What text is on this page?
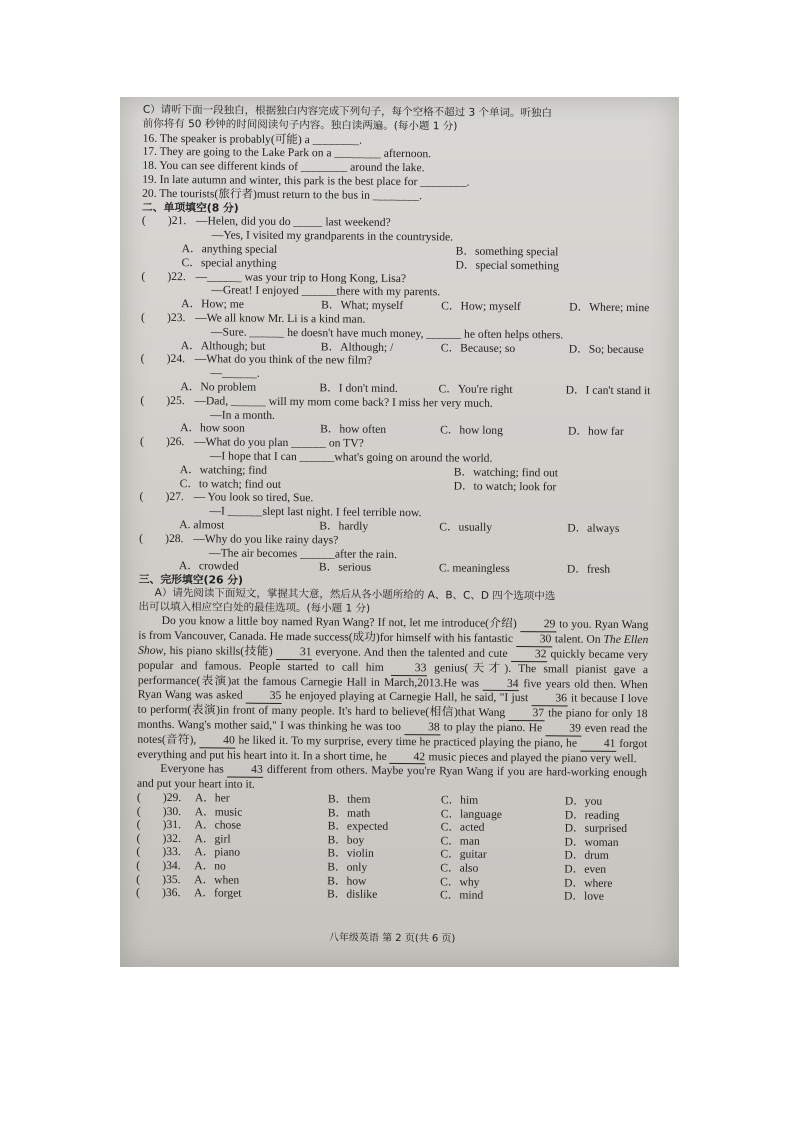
C）请听下面一段独白，根据独白内容完成下列句子，每个空格不超过 3 个单词。听独白
前你将有 50 秒钟的时间阅读句子内容。独白读两遍。(每小题 1 分)
16. The speaker is probably(可能) a ________.
17. They are going to the Lake Park on a ________ afternoon.
18. You can see different kinds of ________ around the lake.
19. In late autumn and winter, this park is the best place for ________.
20. The tourists(旅行者)must return to the bus in ________.
二、单项填空(8 分)
(	)21. —Helen, did you do _____ last weekend?
—Yes, I visited my grandparents in the countryside.
A．anything special	B．something special
C．special anything	D．special something
(	)22. —______ was your trip to Hong Kong, Lisa?
—Great! I enjoyed ______there with my parents.
A．How; me	B．What; myself	C．How; myself	D．Where; mine
(	)23. —We all know Mr. Li is a kind man.
—Sure. ______ he doesn't have much money, ______ he often helps others.
A．Although; but	B．Although; /	C．Because; so	D．So; because
(	)24. —What do you think of the new film?
—______.
A．No problem	B．I don't mind.	C．You're right	D．I can't stand it
(	)25. —Dad, ______ will my mom come back? I miss her very much.
—In a month.
A．how soon	B．how often	C．how long	D．how far
(	)26. —What do you plan ______ on TV?
—I hope that I can ______what's going on around the world.
A．watching; find	B．watching; find out
C．to watch; find out	D．to watch; look for
(	)27. — You look so tired, Sue.
—I ______slept last night. I feel terrible now.
A. almost	B．hardly	C．usually	D．always
(	)28. —Why do you like rainy days?
—The air becomes ______after the rain.
A．crowded	B．serious	C. meaningless	D．fresh
三、完形填空(26 分)
A）请先阅读下面短文，掌握其大意，然后从各小题所给的 A、B、C、D 四个选项中选
出可以填入相应空白处的最佳选项。(每小题 1 分)
Do you know a little boy named Ryan Wang? If not, let me introduce(介绍) 29 to you. Ryan Wang is from Vancouver, Canada. He made success(成功)for himself with his fantastic 30 talent. On The Ellen Show, his piano skills(技能) 31 everyone. And then the talented and cute 32 quickly became very popular and famous. People started to call him 33 genius(天才). The small pianist gave a performance(表演)at the famous Carnegie Hall in March,2013.He was 34 five years old then. When Ryan Wang was asked 35 he enjoyed playing at Carnegie Hall, he said, "I just 36 it because I love to perform(表演)in front of many people. It's hard to believe(相信)that Wang 37 the piano for only 18 months. Wang's mother said," I was thinking he was too 38 to play the piano. He 39 even read the notes(音符), 40 he liked it. To my surprise, every time he practiced playing the piano, he 41 forgot everything and put his heart into it. In a short time, he 42 music pieces and played the piano very well.
Everyone has 43 different from others. Maybe you're Ryan Wang if you are hard-working enough and put your heart into it.
(	)29.	A．her	B．them	C．him	D．you
(	)30.	A．music	B．math	C．language	D．reading
(	)31.	A．chose	B．expected	C．acted	D．surprised
(	)32.	A．girl	B．boy	C．man	D．woman
(	)33.	A．piano	B．violin	C．guitar	D．drum
(	)34.	A．no	B．only	C．also	D．even
(	)35.	A．when	B．how	C．why	D．where
(	)36.	A．forget	B．dislike	C．mind	D．love
八年级英语 第 2 页(共 6 页)
